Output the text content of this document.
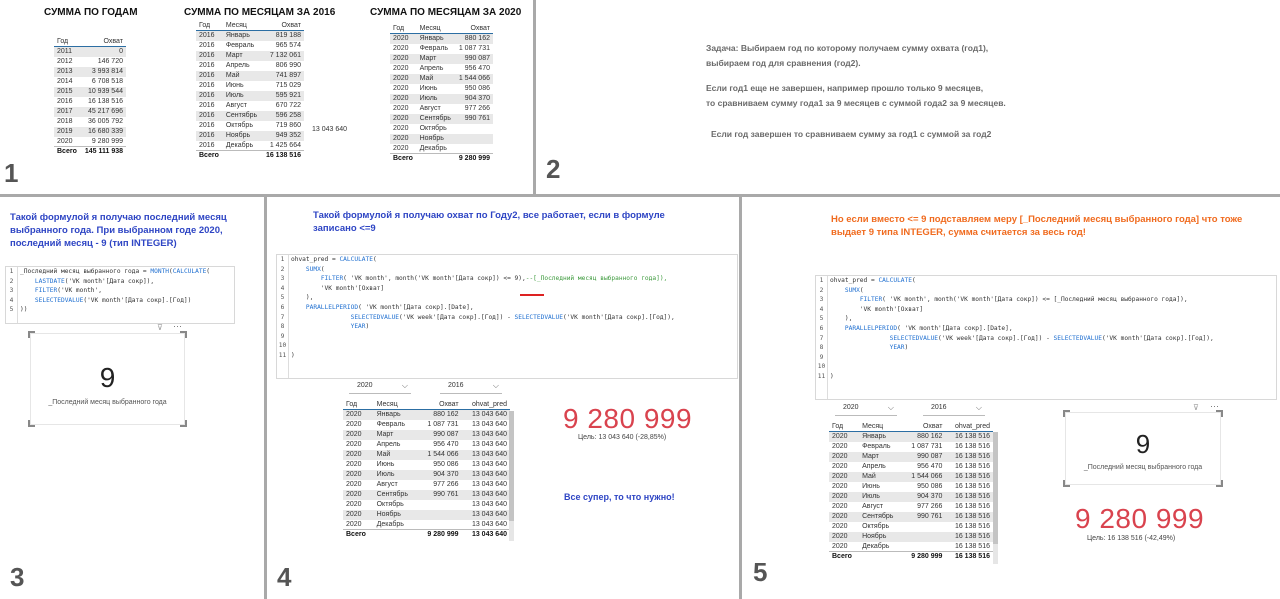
СУММА ПО ГОДАМ
Год	Охват
2011	0
2012	146 720
2013	3 993 814
2014	6 708 518
2015	10 939 544
2016	16 138 516
2017	45 217 696
2018	36 005 792
2019	16 680 339
2020	9 280 999
Всего	145 111 938
СУММА ПО МЕСЯЦАМ ЗА 2016
Год	Месяц	Охват
2016	Январь	819 188
2016	Февраль	965 574
2016	Март	7 132 061
2016	Апрель	806 990
2016	Май	741 897
2016	Июнь	715 029
2016	Июль	595 921
2016	Август	670 722
2016	Сентябрь	596 258
2016	Октябрь	719 860
2016	Ноябрь	949 352
2016	Декабрь	1 425 664
Всего		16 138 516
13 043 640
СУММА ПО МЕСЯЦАМ ЗА 2020
Год	Месяц	Охват
2020	Январь	880 162
2020	Февраль	1 087 731
2020	Март	990 087
2020	Апрель	956 470
2020	Май	1 544 066
2020	Июнь	950 086
2020	Июль	904 370
2020	Август	977 266
2020	Сентябрь	990 761
2020	Октябрь	
2020	Ноябрь	
2020	Декабрь	
Всего		9 280 999
1
Задача: Выбираем год по которому получаем сумму охвата (год1),
выбираем год для сравнения (год2).
Если год1 еще не завершен, например прошло только 9 месяцев,
то сравниваем сумму года1 за 9 месяцев с суммой года2 за 9 месяцев.
Если год завершен то сравниваем сумму за год1 с суммой за год2
2
Такой формулой я получаю последний месяц
выбранного года. При выбранном годе 2020,
последний месяц - 9 (тип INTEGER)
1
2
3
4
5
_Последний месяц выбранного года = MONTH(CALCULATE(
LASTDATE('VK month'[Дата сокр]),
FILTER('VK month',
SELECTEDVALUE('VK month'[Дата сокр].[Год])
))
⊽ ⋯
9
_Последний месяц выбранного года
3
Такой формулой я получаю охват по Году2, все работает, если в формуле
записано <=9
1
2
3
4
5
6
7
8
9
10
11
ohvat_pred = CALCULATE(
SUMX(
FILTER( 'VK month', month('VK month'[Дата сокр]) <= 9),--[_Последний месяц выбранного года]),
'VK month'[Охват]
),
PARALLELPERIOD( 'VK month'[Дата сокр].[Date],
SELECTEDVALUE('VK week'[Дата сокр].[Год]) - SELECTEDVALUE('VK month'[Дата сокр].[Год]),
YEAR)
)
2020	⌵	2016	⌵
Год	Месяц	Охват	ohvat_pred
2020	Январь	880 162	13 043 640
2020	Февраль	1 087 731	13 043 640
2020	Март	990 087	13 043 640
2020	Апрель	956 470	13 043 640
2020	Май	1 544 066	13 043 640
2020	Июнь	950 086	13 043 640
2020	Июль	904 370	13 043 640
2020	Август	977 266	13 043 640
2020	Сентябрь	990 761	13 043 640
2020	Октябрь		13 043 640
2020	Ноябрь		13 043 640
2020	Декабрь		13 043 640
Всего		9 280 999	13 043 640
9 280 999
Цель: 13 043 640 (-28,85%)
Все супер, то что нужно!
4
Но если вместо <= 9 подставляем меру [_Последний месяц выбранного года] что тоже
выдает 9 типа INTEGER, сумма считается за весь год!
1
2
3
4
5
6
7
8
9
10
11
ohvat_pred = CALCULATE(
SUMX(
FILTER( 'VK month', month('VK month'[Дата сокр]) <= [_Последний месяц выбранного года]),
'VK month'[Охват]
),
PARALLELPERIOD( 'VK month'[Дата сокр].[Date],
SELECTEDVALUE('VK week'[Дата сокр].[Год]) - SELECTEDVALUE('VK month'[Дата сокр].[Год]),
YEAR)
)
⊽ ⋯
2020	⌵	2016	⌵
Год	Месяц	Охват	ohvat_pred
2020	Январь	880 162	16 138 516
2020	Февраль	1 087 731	16 138 516
2020	Март	990 087	16 138 516
2020	Апрель	956 470	16 138 516
2020	Май	1 544 066	16 138 516
2020	Июнь	950 086	16 138 516
2020	Июль	904 370	16 138 516
2020	Август	977 266	16 138 516
2020	Сентябрь	990 761	16 138 516
2020	Октябрь		16 138 516
2020	Ноябрь		16 138 516
2020	Декабрь		16 138 516
Всего		9 280 999	16 138 516
9
_Последний месяц выбранного года
9 280 999
Цель: 16 138 516 (-42,49%)
5
